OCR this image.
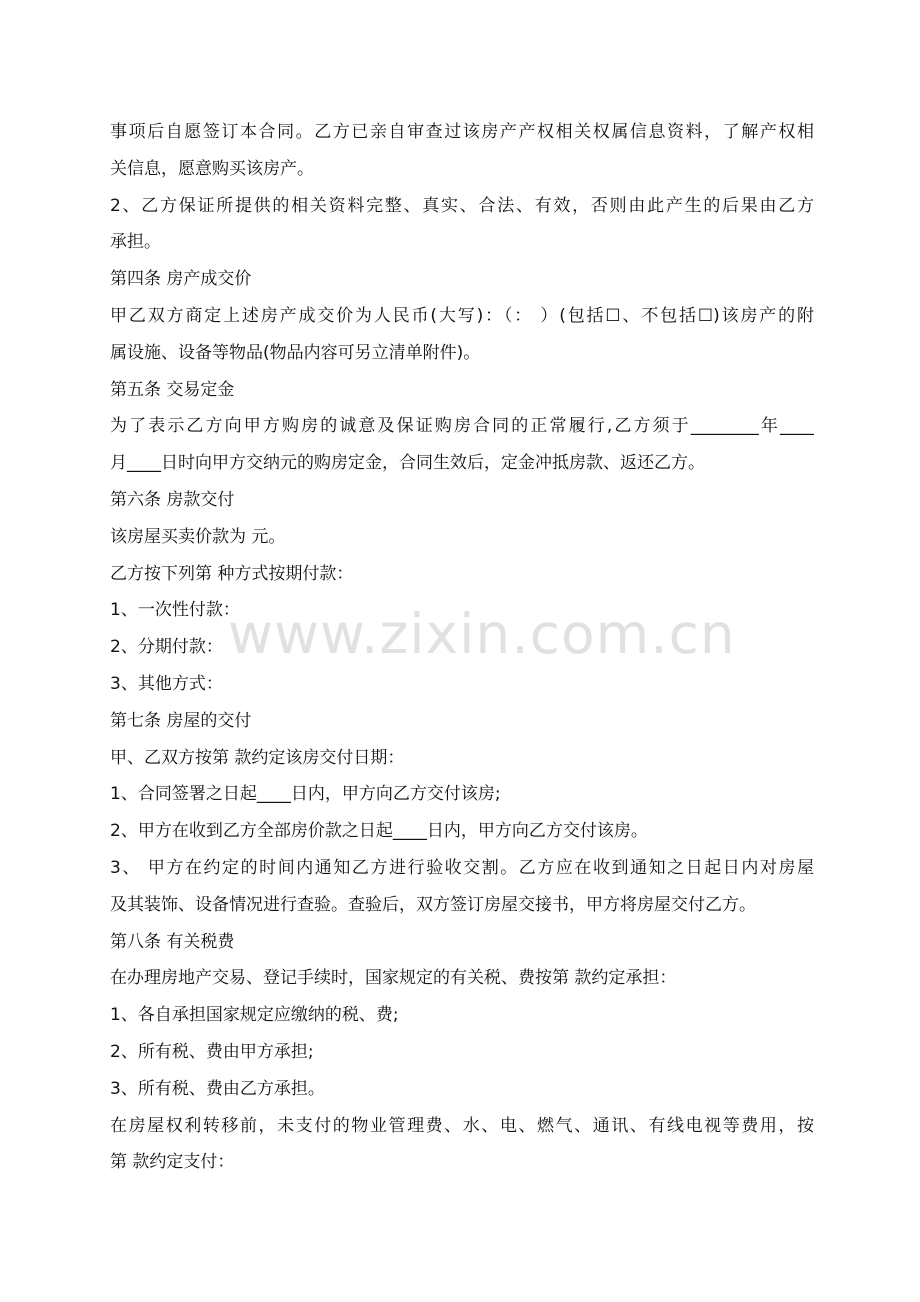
事项后自愿签订本合同。乙方已亲自审查过该房产产权相关权属信息资料，了解产权相
关信息，愿意购买该房产。
2、乙方保证所提供的相关资料完整、真实、合法、有效，否则由此产生的后果由乙方
承担。
第四条 房产成交价
甲乙双方商定上述房产成交价为人民币(大写)：（： ）(包括☐、不包括☐)该房产的附
属设施、设备等物品(物品内容可另立清单附件)。
第五条 交易定金
为了表示乙方向甲方购房的诚意及保证购房合同的正常履行,乙方须于________年____
月____日时向甲方交纳元的购房定金，合同生效后，定金冲抵房款、返还乙方。
第六条 房款交付
该房屋买卖价款为 元。
乙方按下列第 种方式按期付款：
1、一次性付款：
2、分期付款：
3、其他方式：
第七条 房屋的交付
甲、乙双方按第 款约定该房交付日期：
1、合同签署之日起____日内，甲方向乙方交付该房;
2、甲方在收到乙方全部房价款之日起____日内，甲方向乙方交付该房。
3、 甲方在约定的时间内通知乙方进行验收交割。乙方应在收到通知之日起日内对房屋
及其装饰、设备情况进行查验。查验后，双方签订房屋交接书，甲方将房屋交付乙方。
第八条 有关税费
在办理房地产交易、登记手续时，国家规定的有关税、费按第 款约定承担：
1、各自承担国家规定应缴纳的税、费;
2、所有税、费由甲方承担;
3、所有税、费由乙方承担。
在房屋权利转移前，未支付的物业管理费、水、电、燃气、通讯、有线电视等费用，按
第 款约定支付：
www.zixin.com.cn
